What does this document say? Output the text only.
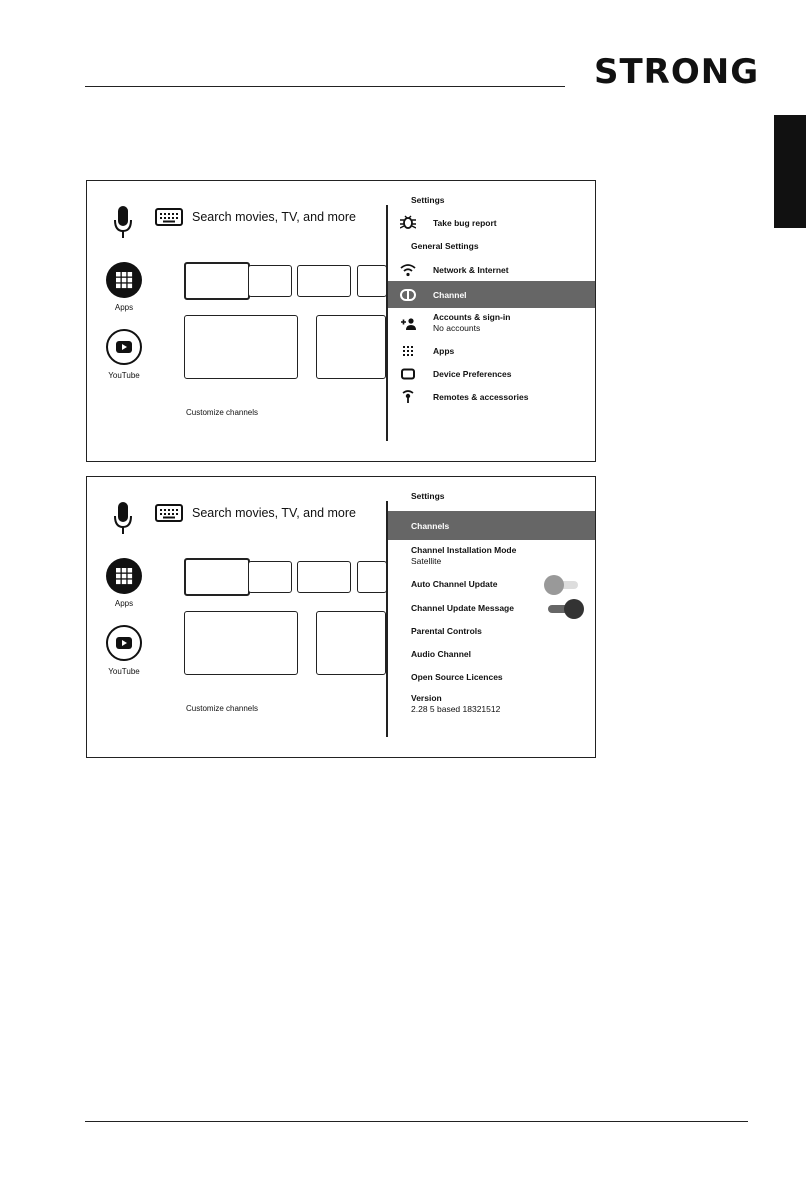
STRONG
Search movies, TV, and more
Apps
YouTube
Customize channels
Settings
Take bug report
General Settings
Network & Internet
Channel
Accounts & sign-in
No accounts
Apps
Device Preferences
Remotes & accessories
Search movies, TV, and more
Apps
YouTube
Customize channels
Settings
Channels
Channel Installation Mode
Satellite
Auto Channel Update
Channel Update Message
Parental Controls
Audio Channel
Open Source Licences
Version
2.28 5 based 18321512
